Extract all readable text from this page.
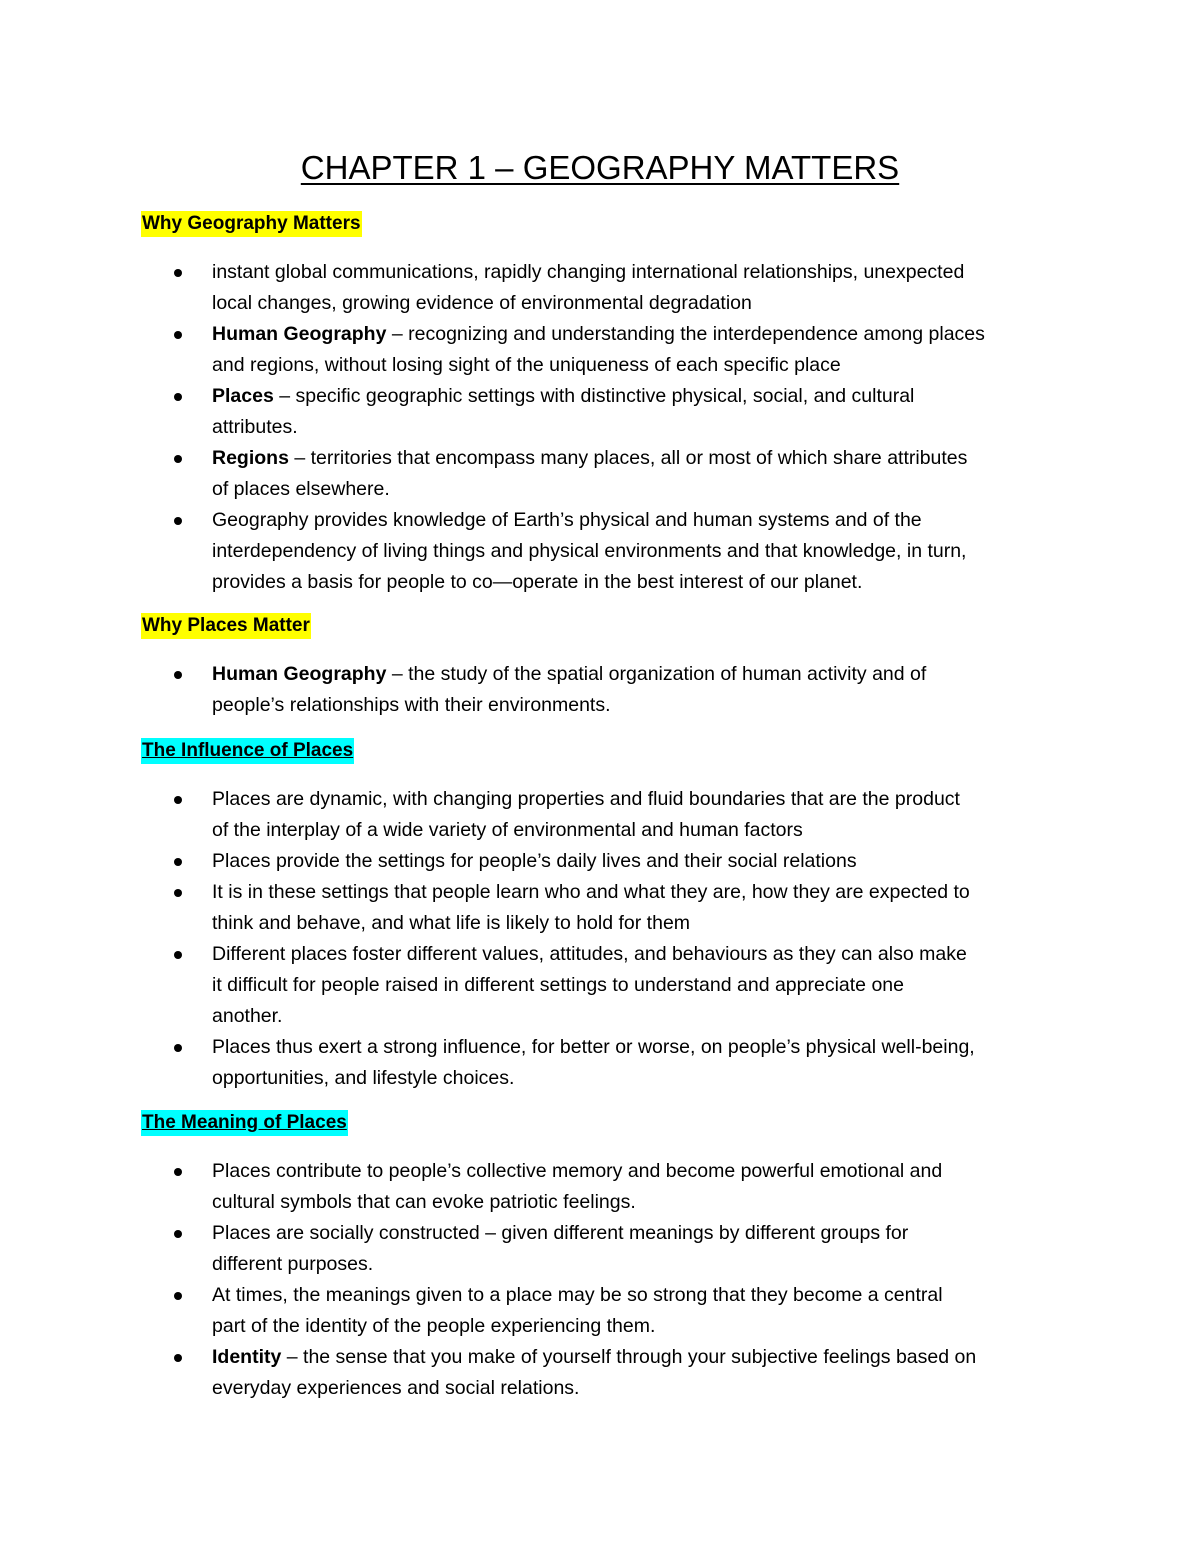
CHAPTER 1 – GEOGRAPHY MATTERS
Why Geography Matters
instant global communications, rapidly changing international relationships, unexpected
local changes, growing evidence of environmental degradation
Human Geography – recognizing and understanding the interdependence among places
and regions, without losing sight of the uniqueness of each specific place
Places – specific geographic settings with distinctive physical, social, and cultural
attributes.
Regions – territories that encompass many places, all or most of which share attributes
of places elsewhere.
Geography provides knowledge of Earth’s physical and human systems and of the
interdependency of living things and physical environments and that knowledge, in turn,
provides a basis for people to co—operate in the best interest of our planet.
Why Places Matter
Human Geography – the study of the spatial organization of human activity and of
people’s relationships with their environments.
The Influence of Places
Places are dynamic, with changing properties and fluid boundaries that are the product
of the interplay of a wide variety of environmental and human factors
Places provide the settings for people’s daily lives and their social relations
It is in these settings that people learn who and what they are, how they are expected to
think and behave, and what life is likely to hold for them
Different places foster different values, attitudes, and behaviours as they can also make
it difficult for people raised in different settings to understand and appreciate one
another.
Places thus exert a strong influence, for better or worse, on people’s physical well-being,
opportunities, and lifestyle choices.
The Meaning of Places
Places contribute to people’s collective memory and become powerful emotional and
cultural symbols that can evoke patriotic feelings.
Places are socially constructed – given different meanings by different groups for
different purposes.
At times, the meanings given to a place may be so strong that they become a central
part of the identity of the people experiencing them.
Identity – the sense that you make of yourself through your subjective feelings based on
everyday experiences and social relations.
